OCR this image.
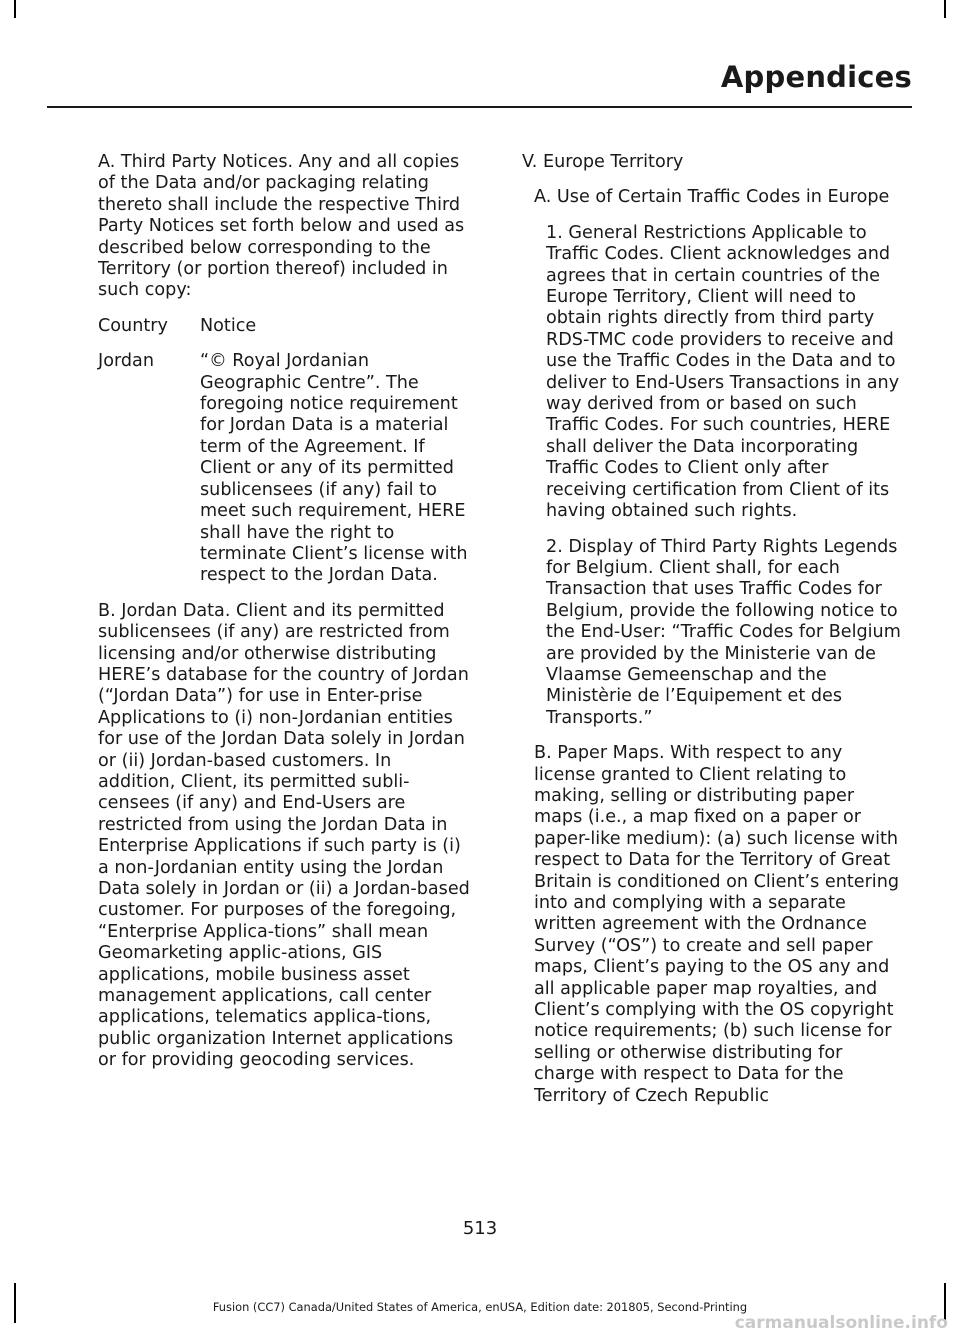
Appendices

A. Third Party Notices. Any and all copies of the Data and/or packaging relating thereto shall include the respective Third Party Notices set forth below and used as described below corresponding to the Territory (or portion thereof) included in such copy:

Country	Notice
Jordan	“© Royal Jordanian Geographic Centre”. The foregoing notice requirement for Jordan Data is a material term of the Agreement. If Client or any of its permitted sublicensees (if any) fail to meet such requirement, HERE shall have the right to terminate Client’s license with respect to the Jordan Data.

B. Jordan Data. Client and its permitted sublicensees (if any) are restricted from licensing and/or otherwise distributing HERE’s database for the country of Jordan (“Jordan Data”) for use in Enter-prise Applications to (i) non-Jordanian entities for use of the Jordan Data solely in Jordan or (ii) Jordan-based customers. In addition, Client, its permitted subli-censees (if any) and End-Users are restricted from using the Jordan Data in Enterprise Applications if such party is (i) a non-Jordanian entity using the Jordan Data solely in Jordan or (ii) a Jordan-based customer. For purposes of the foregoing, “Enterprise Applica-tions” shall mean Geomarketing applic-ations, GIS applications, mobile business asset management applications, call center applications, telematics applica-tions, public organization Internet applications or for providing geocoding services.

V. Europe Territory

A. Use of Certain Traffic Codes in Europe

1. General Restrictions Applicable to Traffic Codes. Client acknowledges and agrees that in certain countries of the Europe Territory, Client will need to obtain rights directly from third party RDS-TMC code providers to receive and use the Traffic Codes in the Data and to deliver to End-Users Transactions in any way derived from or based on such Traffic Codes. For such countries, HERE shall deliver the Data incorporating Traffic Codes to Client only after receiving certification from Client of its having obtained such rights.

2. Display of Third Party Rights Legends for Belgium. Client shall, for each Transaction that uses Traffic Codes for Belgium, provide the following notice to the End-User: “Traffic Codes for Belgium are provided by the Ministerie van de Vlaamse Gemeenschap and the Ministèrie de l’Equipement et des Transports.”

B. Paper Maps. With respect to any license granted to Client relating to making, selling or distributing paper maps (i.e., a map fixed on a paper or paper-like medium): (a) such license with respect to Data for the Territory of Great Britain is conditioned on Client’s entering into and complying with a separate written agreement with the Ordnance Survey (“OS”) to create and sell paper maps, Client’s paying to the OS any and all applicable paper map royalties, and Client’s complying with the OS copyright notice requirements; (b) such license for selling or otherwise distributing for charge with respect to Data for the Territory of Czech Republic

513
Fusion (CC7) Canada/United States of America, enUSA, Edition date: 201805, Second-Printing
carmanualsonline.info
